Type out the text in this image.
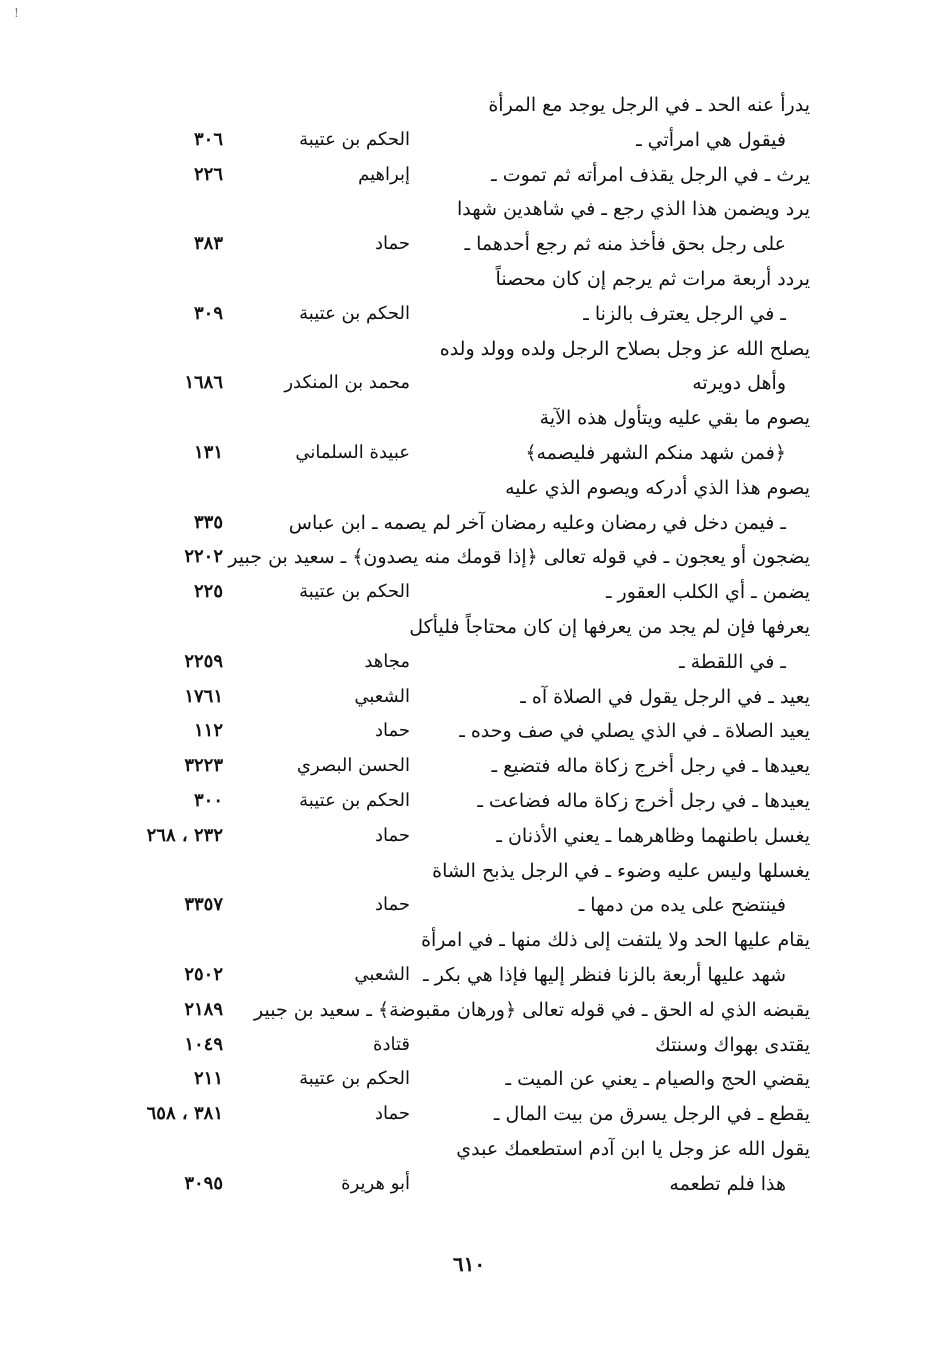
!
يدرأ عنه الحد ـ في الرجل يوجد مع المرأة
فيقول هي امرأتي ـ
الحكم بن عتيبة
٣٠٦
يرث ـ في الرجل يقذف امرأته ثم تموت ـ
إبراهيم
٢٢٦
يرد ويضمن هذا الذي رجع ـ في شاهدين شهدا
على رجل بحق فأخذ منه ثم رجع أحدهما ـ
حماد
٣٨٣
يردد أربعة مرات ثم يرجم إن كان محصناً
ـ في الرجل يعترف بالزنا ـ
الحكم بن عتيبة
٣٠٩
يصلح الله عز وجل بصلاح الرجل ولده وولد ولده
وأهل دويرته
محمد بن المنكدر
١٦٨٦
يصوم ما بقي عليه ويتأول هذه الآية
﴿فمن شهد منكم الشهر فليصمه﴾
عبيدة السلماني
١٣١
يصوم هذا الذي أدركه ويصوم الذي عليه
ـ فيمن دخل في رمضان وعليه رمضان آخر لم يصمه ـ ابن عباس
٣٣٥
يضجون أو يعجون ـ في قوله تعالى ﴿إذا قومك منه يصدون﴾ ـ سعيد بن جبير
٢٢٠٢
يضمن ـ أي الكلب العقور ـ
الحكم بن عتيبة
٢٢٥
يعرفها فإن لم يجد من يعرفها إن كان محتاجاً فليأكل
ـ في اللقطة ـ
مجاهد
٢٢٥٩
يعيد ـ في الرجل يقول في الصلاة آه ـ
الشعبي
١٧٦١
يعيد الصلاة ـ في الذي يصلي في صف وحده ـ
حماد
١١٢
يعيدها ـ في رجل أخرج زكاة ماله فتضيع ـ
الحسن البصري
٣٢٢٣
يعيدها ـ في رجل أخرج زكاة ماله فضاعت ـ
الحكم بن عتيبة
٣٠٠
يغسل باطنهما وظاهرهما ـ يعني الأذنان ـ
حماد
٢٣٢ ، ٢٦٨
يغسلها وليس عليه وضوء ـ في الرجل يذبح الشاة
فينتضح على يده من دمها ـ
حماد
٣٣٥٧
يقام عليها الحد ولا يلتفت إلى ذلك منها ـ في امرأة
شهد عليها أربعة بالزنا فنظر إليها فإذا هي بكر ـ
الشعبي
٢٥٠٢
يقبضه الذي له الحق ـ في قوله تعالى ﴿ورهان مقبوضة﴾ ـ سعيد بن جبير
٢١٨٩
يقتدى بهواك وسنتك
قتادة
١٠٤٩
يقضي الحج والصيام ـ يعني عن الميت ـ
الحكم بن عتيبة
٢١١
يقطع ـ في الرجل يسرق من بيت المال ـ
حماد
٣٨١ ، ٦٥٨
يقول الله عز وجل يا ابن آدم استطعمك عبدي
هذا فلم تطعمه
أبو هريرة
٣٠٩٥
٦١٠
